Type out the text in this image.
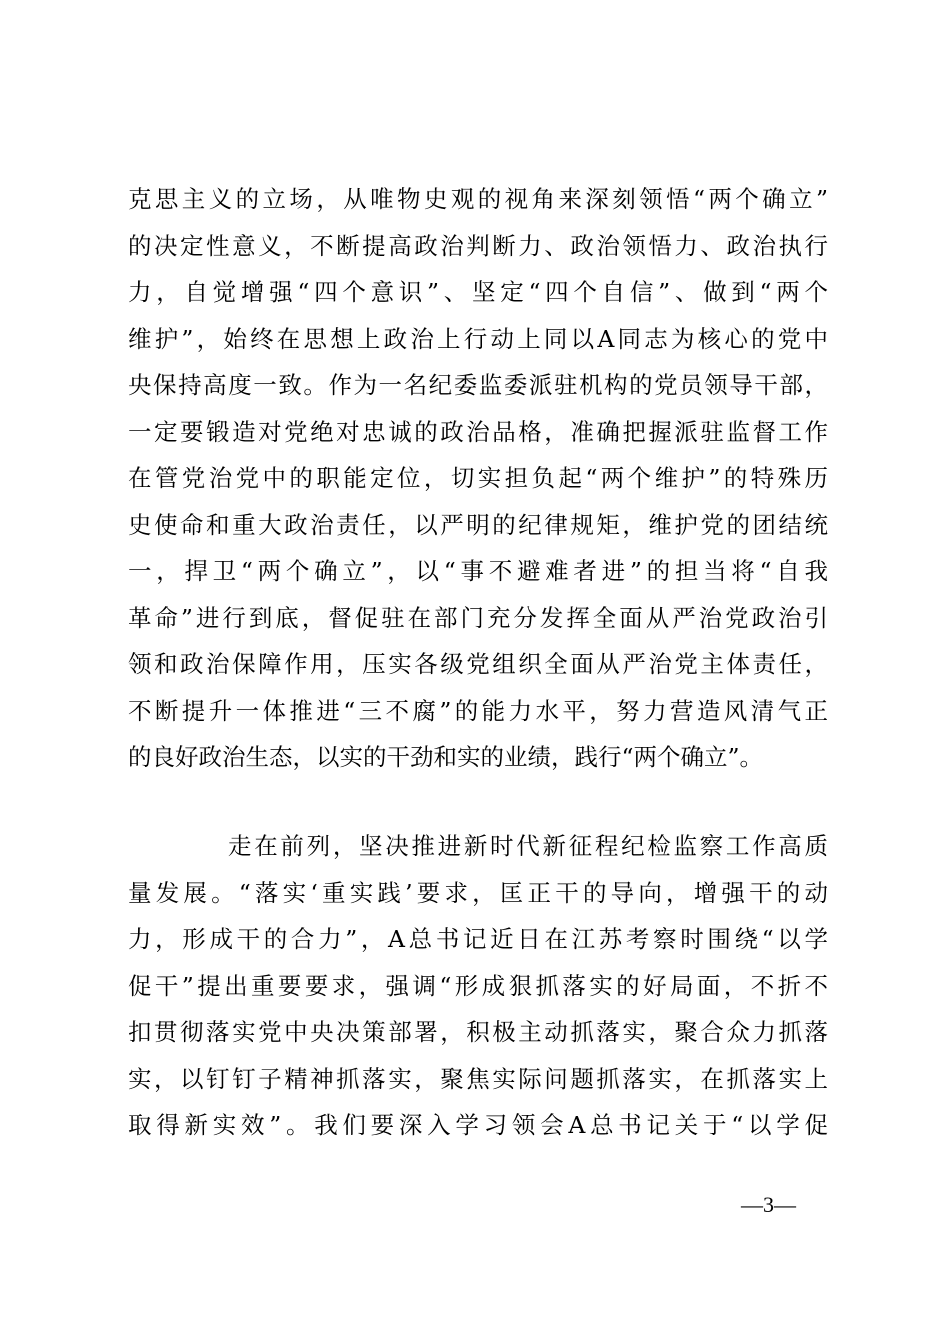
克思主义的立场，从唯物史观的视角来深刻领悟“两个确立”
的决定性意义，不断提高政治判断力、政治领悟力、政治执行
力，自觉增强“四个意识”、坚定“四个自信”、做到“两个
维护”，始终在思想上政治上行动上同以A同志为核心的党中
央保持高度一致。作为一名纪委监委派驻机构的党员领导干部，
一定要锻造对党绝对忠诚的政治品格，准确把握派驻监督工作
在管党治党中的职能定位，切实担负起“两个维护”的特殊历
史使命和重大政治责任，以严明的纪律规矩，维护党的团结统
一，捍卫“两个确立”，以“事不避难者进”的担当将“自我
革命”进行到底，督促驻在部门充分发挥全面从严治党政治引
领和政治保障作用，压实各级党组织全面从严治党主体责任，
不断提升一体推进“三不腐”的能力水平，努力营造风清气正
的良好政治生态，以实的干劲和实的业绩，践行“两个确立”。
走在前列，坚决推进新时代新征程纪检监察工作高质
量发展。“落实‘重实践’要求，匡正干的导向，增强干的动
力，形成干的合力”，A总书记近日在江苏考察时围绕“以学
促干”提出重要要求，强调“形成狠抓落实的好局面，不折不
扣贯彻落实党中央决策部署，积极主动抓落实，聚合众力抓落
实，以钉钉子精神抓落实，聚焦实际问题抓落实，在抓落实上
取得新实效”。我们要深入学习领会A总书记关于“以学促
—3—
